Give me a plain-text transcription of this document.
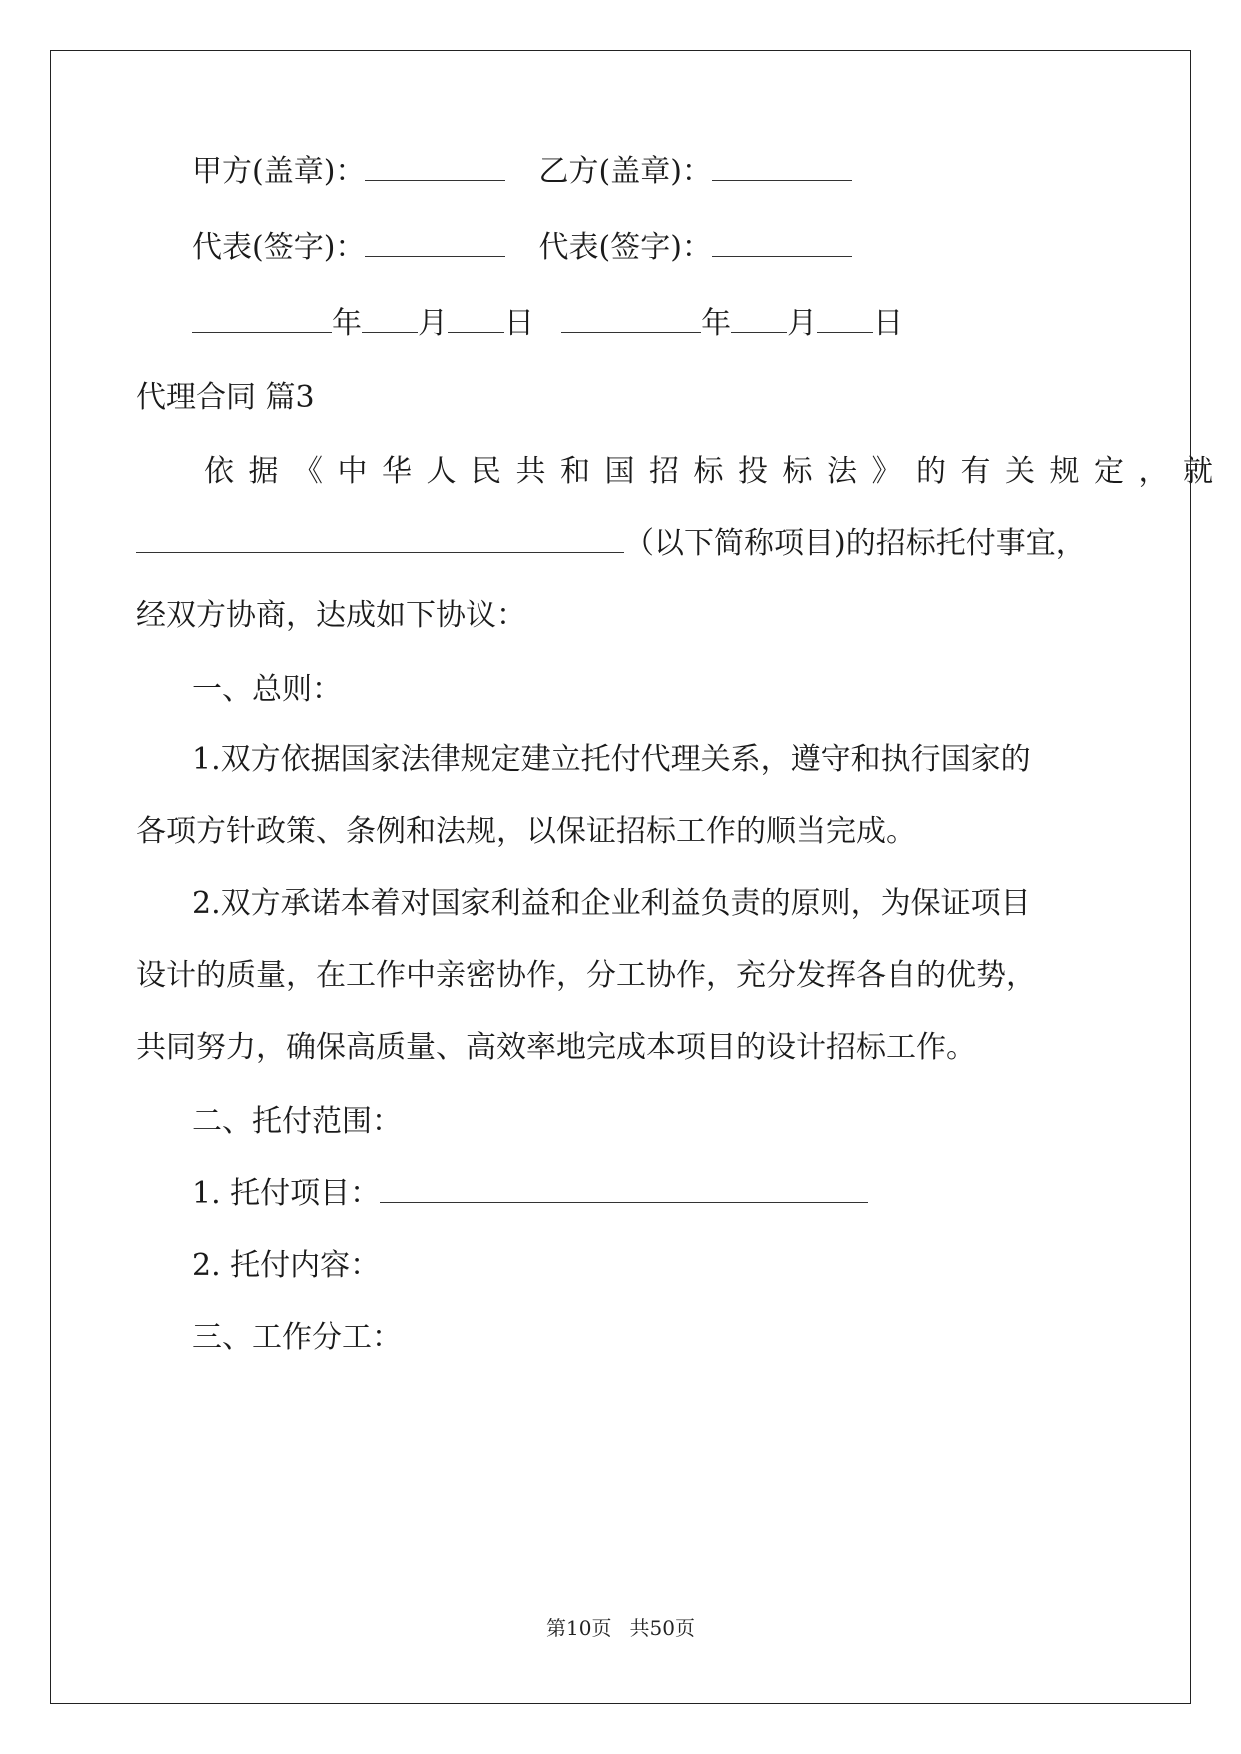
甲方(盖章)：	乙方(盖章)：
代表(签字)：	代表(签字)：
年 月 日	年 月 日
代理合同 篇3
依据《中华人民共和国招标投标法》的有关规定，就
（以下简称项目)的招标托付事宜，
经双方协商，达成如下协议：
一、总则：
1.双方依据国家法律规定建立托付代理关系，遵守和执行国家的
各项方针政策、条例和法规，以保证招标工作的顺当完成。
2.双方承诺本着对国家利益和企业利益负责的原则，为保证项目
设计的质量，在工作中亲密协作，分工协作，充分发挥各自的优势，
共同努力，确保高质量、高效率地完成本项目的设计招标工作。
二、托付范围：
1. 托付项目：
2. 托付内容：
三、工作分工：
第10页 共50页
